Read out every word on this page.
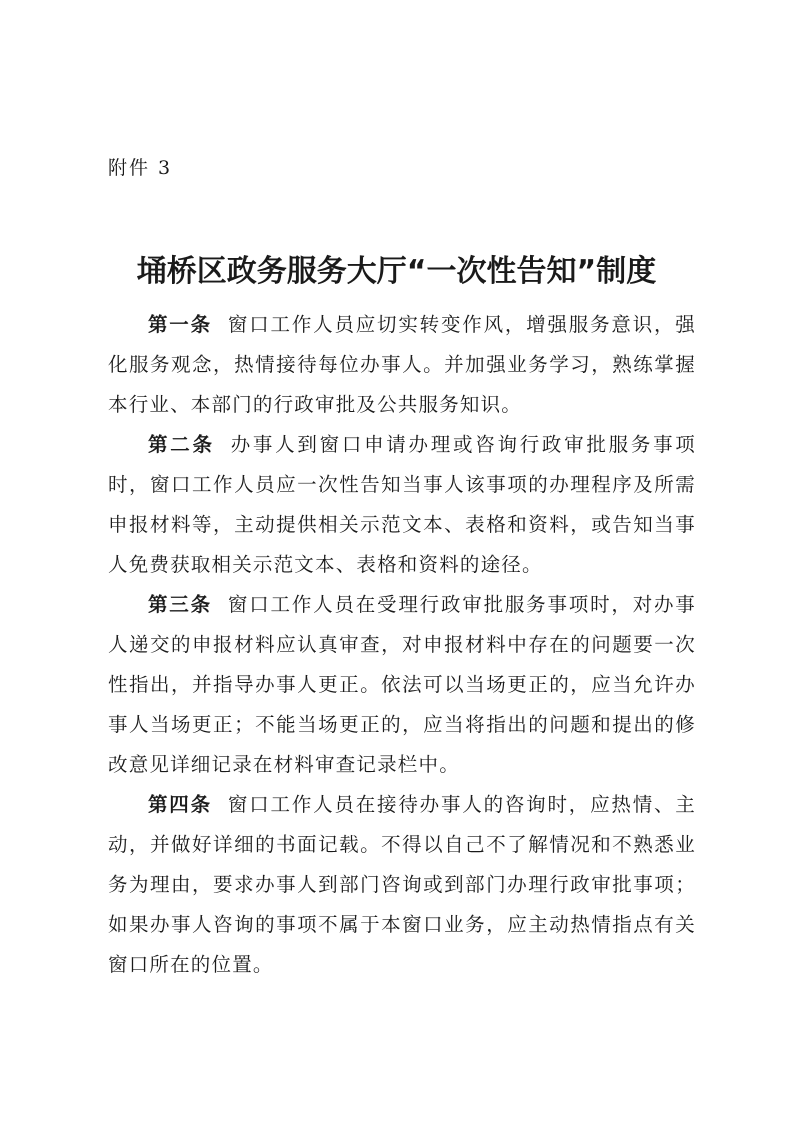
附件 3
埇桥区政务服务大厅“一次性告知”制度

第一条 窗口工作人员应切实转变作风，增强服务意识，强化服务观念，热情接待每位办事人。并加强业务学习，熟练掌握本行业、本部门的行政审批及公共服务知识。

第二条 办事人到窗口申请办理或咨询行政审批服务事项时，窗口工作人员应一次性告知当事人该事项的办理程序及所需申报材料等，主动提供相关示范文本、表格和资料，或告知当事人免费获取相关示范文本、表格和资料的途径。

第三条 窗口工作人员在受理行政审批服务事项时，对办事人递交的申报材料应认真审查，对申报材料中存在的问题要一次性指出，并指导办事人更正。依法可以当场更正的，应当允许办事人当场更正；不能当场更正的，应当将指出的问题和提出的修改意见详细记录在材料审查记录栏中。

第四条 窗口工作人员在接待办事人的咨询时，应热情、主动，并做好详细的书面记载。不得以自己不了解情况和不熟悉业务为理由，要求办事人到部门咨询或到部门办理行政审批事项；如果办事人咨询的事项不属于本窗口业务，应主动热情指点有关窗口所在的位置。
